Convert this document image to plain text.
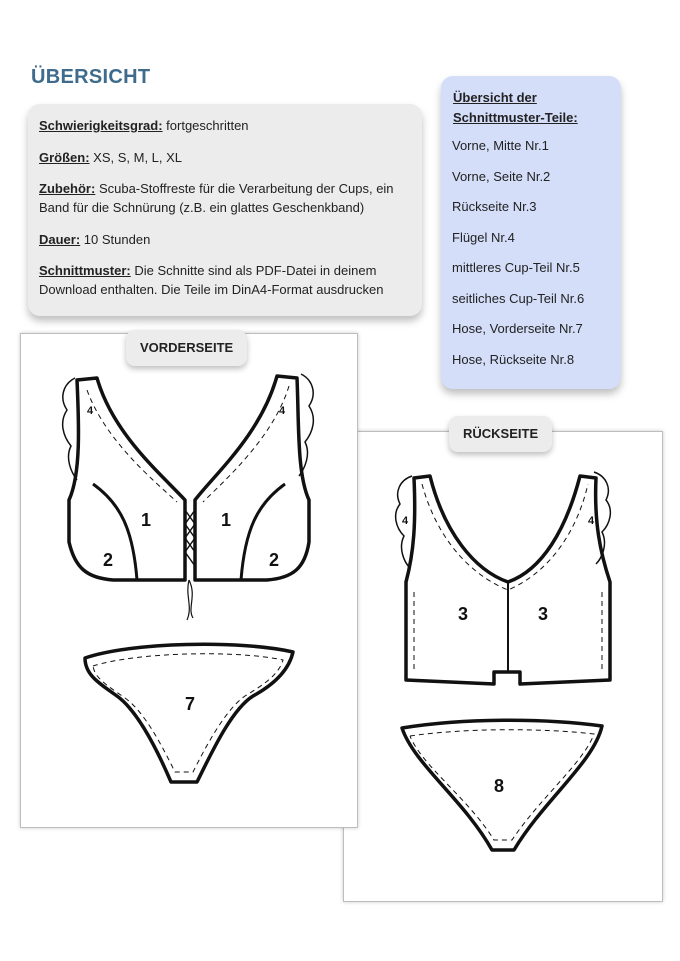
ÜBERSICHT

Schwierigkeitsgrad: fortgeschritten

Größen: XS, S, M, L, XL

Zubehör: Scuba-Stoffreste für die Verarbeitung der Cups, ein Band für die Schnürung (z.B. ein glattes Geschenkband)

Dauer: 10 Stunden

Schnittmuster: Die Schnitte sind als PDF-Datei in deinem Download enthalten. Die Teile im DinA4-Format ausdrucken

Übersicht der Schnittmuster-Teile:
Vorne, Mitte Nr.1
Vorne, Seite Nr.2
Rückseite Nr.3
Flügel Nr.4
mittleres Cup-Teil Nr.5
seitliches Cup-Teil Nr.6
Hose, Vorderseite Nr.7
Hose, Rückseite Nr.8
4	4
3	3
8
RÜCKSEITE
4	4
1	1
2	2
7
VORDERSEITE
